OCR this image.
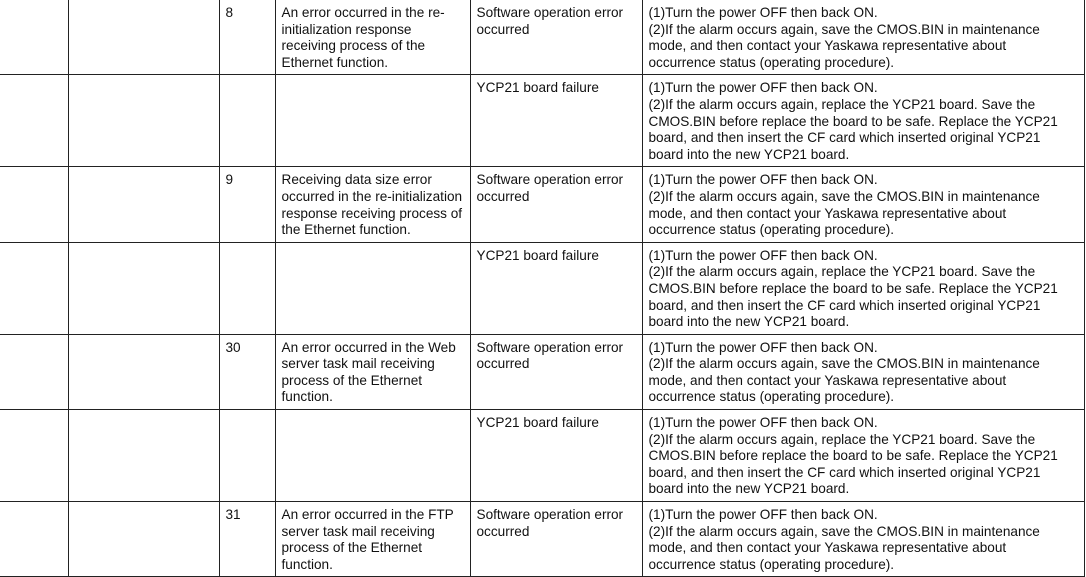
		8	An error occurred in the re-
initialization response
receiving process of the
Ethernet function.	Software operation error
occurred	(1)Turn the power OFF then back ON.
(2)If the alarm occurs again, save the CMOS.BIN in maintenance
mode, and then contact your Yaskawa representative about
occurrence status (operating procedure).
				YCP21 board failure	(1)Turn the power OFF then back ON.
(2)If the alarm occurs again, replace the YCP21 board. Save the
CMOS.BIN before replace the board to be safe. Replace the YCP21
board, and then insert the CF card which inserted original YCP21
board into the new YCP21 board.
		9	Receiving data size error
occurred in the re-initialization
response receiving process of
the Ethernet function.	Software operation error
occurred	(1)Turn the power OFF then back ON.
(2)If the alarm occurs again, save the CMOS.BIN in maintenance
mode, and then contact your Yaskawa representative about
occurrence status (operating procedure).
				YCP21 board failure	(1)Turn the power OFF then back ON.
(2)If the alarm occurs again, replace the YCP21 board. Save the
CMOS.BIN before replace the board to be safe. Replace the YCP21
board, and then insert the CF card which inserted original YCP21
board into the new YCP21 board.
		30	An error occurred in the Web
server task mail receiving
process of the Ethernet
function.	Software operation error
occurred	(1)Turn the power OFF then back ON.
(2)If the alarm occurs again, save the CMOS.BIN in maintenance
mode, and then contact your Yaskawa representative about
occurrence status (operating procedure).
				YCP21 board failure	(1)Turn the power OFF then back ON.
(2)If the alarm occurs again, replace the YCP21 board. Save the
CMOS.BIN before replace the board to be safe. Replace the YCP21
board, and then insert the CF card which inserted original YCP21
board into the new YCP21 board.
		31	An error occurred in the FTP
server task mail receiving
process of the Ethernet
function.	Software operation error
occurred	(1)Turn the power OFF then back ON.
(2)If the alarm occurs again, save the CMOS.BIN in maintenance
mode, and then contact your Yaskawa representative about
occurrence status (operating procedure).
